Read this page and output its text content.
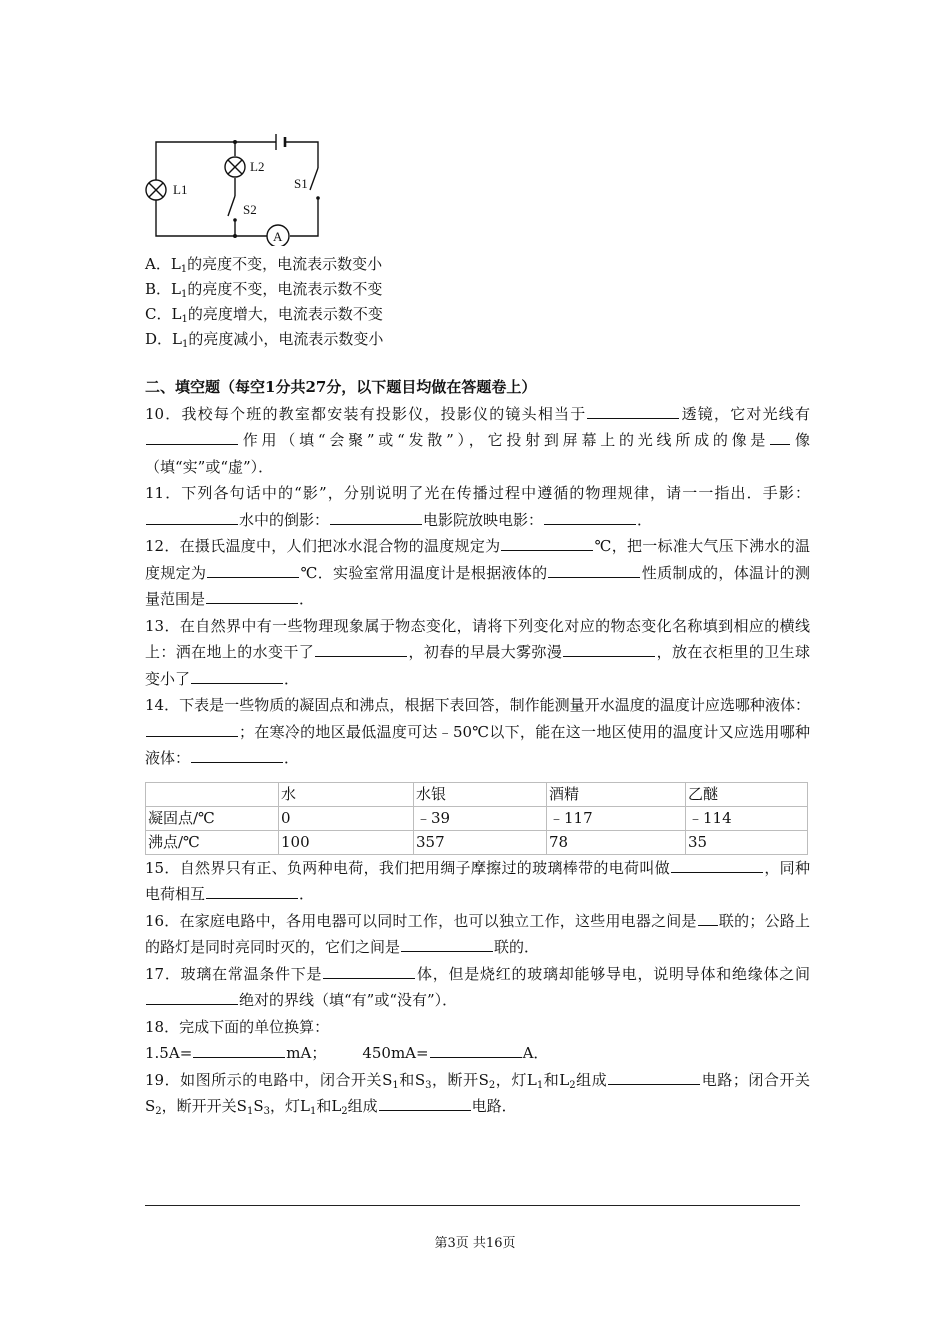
L1
L2
S1
S2
A
A．$L_1$的亮度不变，电流表示数变小
B．$L_1$的亮度不变，电流表示数不变
C．$L_1$的亮度增大，电流表示数不变
D．$L_1$的亮度减小，电流表示数变小

二、填空题（每空1分共27分，以下题目均做在答题卷上）

10．我校每个班的教室都安装有投影仪，投影仪的镜头相当于	透镜，它对光线有作用（填“会聚”或“发散”），它投射到屏幕上的光线所成的像是 像（填“实”或“虚”）．

11．下列各句话中的“影”，分别说明了光在传播过程中遵循的物理规律，请一一指出．手影：水中的倒影：	电影院放映电影：	．

12．在摄氏温度中，人们把冰水混合物的温度规定为	℃，把一标准大气压下沸水的温度规定为	℃．实验室常用温度计是根据液体的	性质制成的，体温计的测量范围是	．

13．在自然界中有一些物理现象属于物态变化，请将下列变化对应的物态变化名称填到相应的横线上：洒在地上的水变干了	，初春的早晨大雾弥漫	，放在衣柜里的卫生球变小了	．

14．下表是一些物质的凝固点和沸点，根据下表回答，制作能测量开水温度的温度计应选哪种液体：；在寒冷的地区最低温度可达﹣50℃以下，能在这一地区使用的温度计又应选用哪种液体：	．

	水	水银	酒精	乙醚
凝固点/℃	0	﹣39	﹣117	﹣114
沸点/℃	100	357	78	35

15．自然界只有正、负两种电荷，我们把用绸子摩擦过的玻璃棒带的电荷叫做	，同种电荷相互	．

16．在家庭电路中，各用电器可以同时工作，也可以独立工作，这些用电器之间是 联的；公路上的路灯是同时亮同时灭的，它们之间是	联的．

17．玻璃在常温条件下是	体，但是烧红的玻璃却能够导电，说明导体和绝缘体之间绝对的界线（填“有”或“没有”）．

18．完成下面的单位换算：

1.5A=	mA； 450mA=	A．

19．如图所示的电路中，闭合开关$S_1$和$S_3$，断开$S_2$，灯$L_1$和$L_2$组成	电路；闭合开关$S_2$，断开开关$S_1S_3$，灯$L_1$和$L_2$组成	电路．

第3页 共16页
